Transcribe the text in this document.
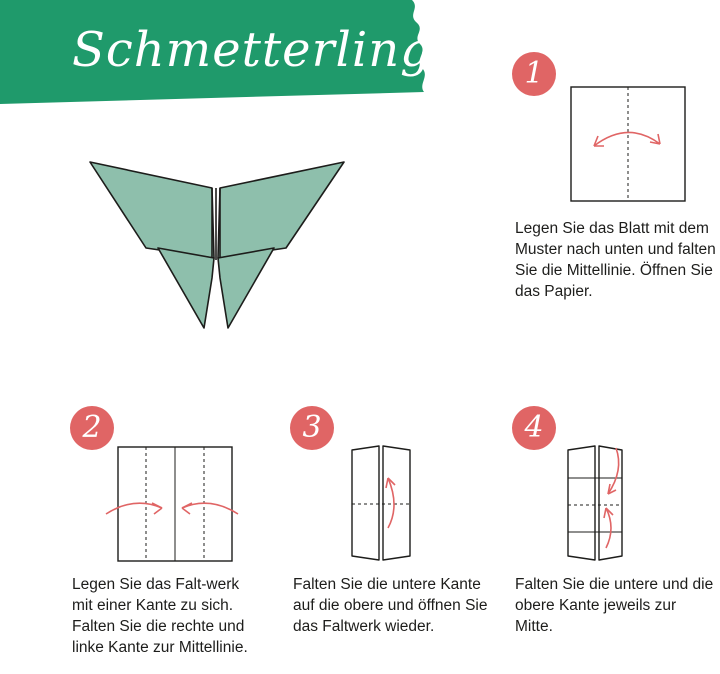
Schmetterling	1
Legen Sie das Blatt mit dem Muster nach unten und falten Sie die Mittellinie. Öffnen Sie das Papier.
2
Legen Sie das Falt-werk mit einer Kante zu sich. Falten Sie die rechte und linke Kante zur Mittellinie.
3
Falten Sie die untere Kante auf die obere und öffnen Sie das Faltwerk wieder.
4
Falten Sie die untere und die obere Kante jeweils zur Mitte.
